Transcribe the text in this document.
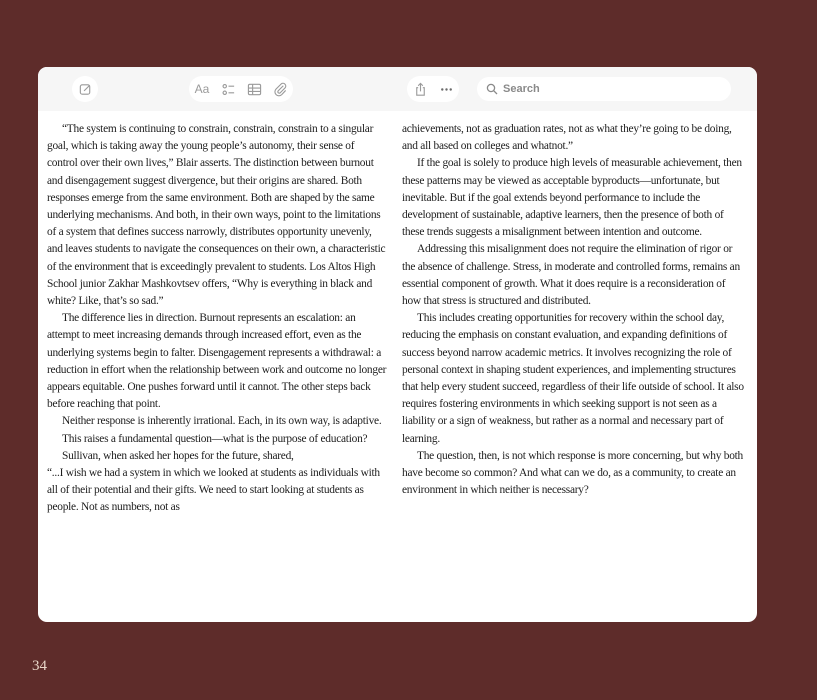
Aa
Search

“The system is continuing to constrain, constrain, constrain to a singular goal, which is taking away the young people’s autonomy, their sense of control over their own lives,” Blair asserts. The distinction between burnout and disengagement suggest divergence, but their origins are shared. Both responses emerge from the same environment. Both are shaped by the same underlying mechanisms. And both, in their own ways, point to the limitations of a system that defines success narrowly, distributes opportunity unevenly, and leaves students to navigate the consequences on their own, a characteristic of the environment that is exceedingly prevalent to students. Los Altos High School junior Zakhar Mashkovtsev offers, “Why is everything in black and white? Like, that’s so sad.”

The difference lies in direction. Burnout represents an escalation: an attempt to meet increasing demands through increased effort, even as the underlying systems begin to falter. Disengagement represents a withdrawal: a reduction in effort when the relationship between work and outcome no longer appears equitable. One pushes forward until it cannot. The other steps back before reaching that point.

Neither response is inherently irrational. Each, in its own way, is adaptive.

This raises a fundamental question—what is the purpose of education?

Sullivan, when asked her hopes for the future, shared,

“...I wish we had a system in which we looked at students as individuals with all of their potential and their gifts. We need to start looking at students as people. Not as numbers, not as

achievements, not as graduation rates, not as what they’re going to be doing, and all based on colleges and whatnot.”

If the goal is solely to produce high levels of measurable achievement, then these patterns may be viewed as acceptable byproducts—unfortunate, but inevitable. But if the goal extends beyond performance to include the development of sustainable, adaptive learners, then the presence of both of these trends suggests a misalignment between intention and outcome.

Addressing this misalignment does not require the elimination of rigor or the absence of challenge. Stress, in moderate and controlled forms, remains an essential component of growth. What it does require is a reconsideration of how that stress is structured and distributed.

This includes creating opportunities for recovery within the school day, reducing the emphasis on constant evaluation, and expanding definitions of success beyond narrow academic metrics. It involves recognizing the role of personal context in shaping student experiences, and implementing structures that help every student succeed, regardless of their life outside of school. It also requires fostering environments in which seeking support is not seen as a liability or a sign of weakness, but rather as a normal and necessary part of learning.

The question, then, is not which response is more concerning, but why both have become so common? And what can we do, as a community, to create an environment in which neither is necessary?

34
